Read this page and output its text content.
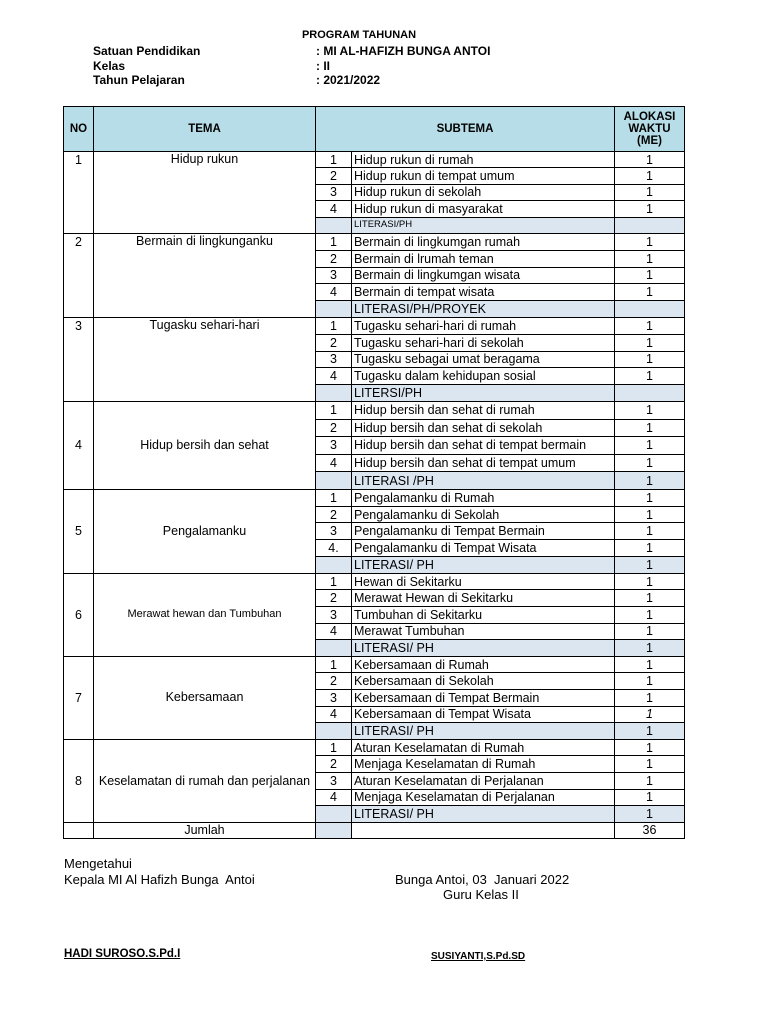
PROGRAM TAHUNAN
Satuan Pendidikan	: MI AL-HAFIZH BUNGA ANTOI
Kelas	: II
Tahun Pelajaran	: 2021/2022
NO	TEMA	SUBTEMA		ALOKASI
WAKTU
(ME)

1	Hidup rukun	1	Hidup rukun di rumah	1
		2	Hidup rukun di tempat umum	1
		3	Hidup rukun di sekolah	1
		4	Hidup rukun di masyarakat	1
			LITERASI/PH	
2	Bermain di lingkunganku	1	Bermain di lingkumgan rumah	1
		2	Bermain di lrumah teman	1
		3	Bermain di lingkumgan wisata	1
		4	Bermain di tempat wisata	1
			LITERASI/PH/PROYEK	
3	Tugasku sehari-hari	1	Tugasku sehari-hari di rumah	1
		2	Tugasku sehari-hari di sekolah	1
		3	Tugasku sebagai umat beragama	1
		4	Tugasku dalam kehidupan sosial	1
			LITERSI/PH	
4	Hidup bersih dan sehat	1	Hidup bersih dan sehat di rumah	1
		2	Hidup bersih dan sehat di sekolah	1
		3	Hidup bersih dan sehat di tempat bermain	1
		4	Hidup bersih dan sehat di tempat umum	1
			LITERASI /PH	1
5	Pengalamanku	1	Pengalamanku di Rumah	1
		2	Pengalamanku di Sekolah	1
		3	Pengalamanku di Tempat Bermain	1
		4.	Pengalamanku di Tempat Wisata	1
			LITERASI/ PH	1
6	Merawat hewan dan Tumbuhan	1	Hewan di Sekitarku	1
		2	Merawat Hewan di Sekitarku	1
		3	Tumbuhan di Sekitarku	1
		4	Merawat Tumbuhan	1
			LITERASI/ PH	1
7	Kebersamaan	1	Kebersamaan di Rumah	1
		2	Kebersamaan di Sekolah	1
		3	Kebersamaan di Tempat Bermain	1
		4	Kebersamaan di Tempat Wisata	1
			LITERASI/ PH	1
8	Keselamatan di rumah dan perjalanan	1	Aturan Keselamatan di Rumah	1
		2	Menjaga Keselamatan di Rumah	1
		3	Aturan Keselamatan di Perjalanan	1
		4	Menjaga Keselamatan di Perjalanan	1
			LITERASI/ PH	1
	Jumlah			36
Mengetahui
Kepala MI Al Hafizh Bunga  Antoi	Bunga Antoi, 03  Januari 2022
Guru Kelas II
HADI SUROSO.S.Pd.I	SUSIYANTI,S.Pd.SD
